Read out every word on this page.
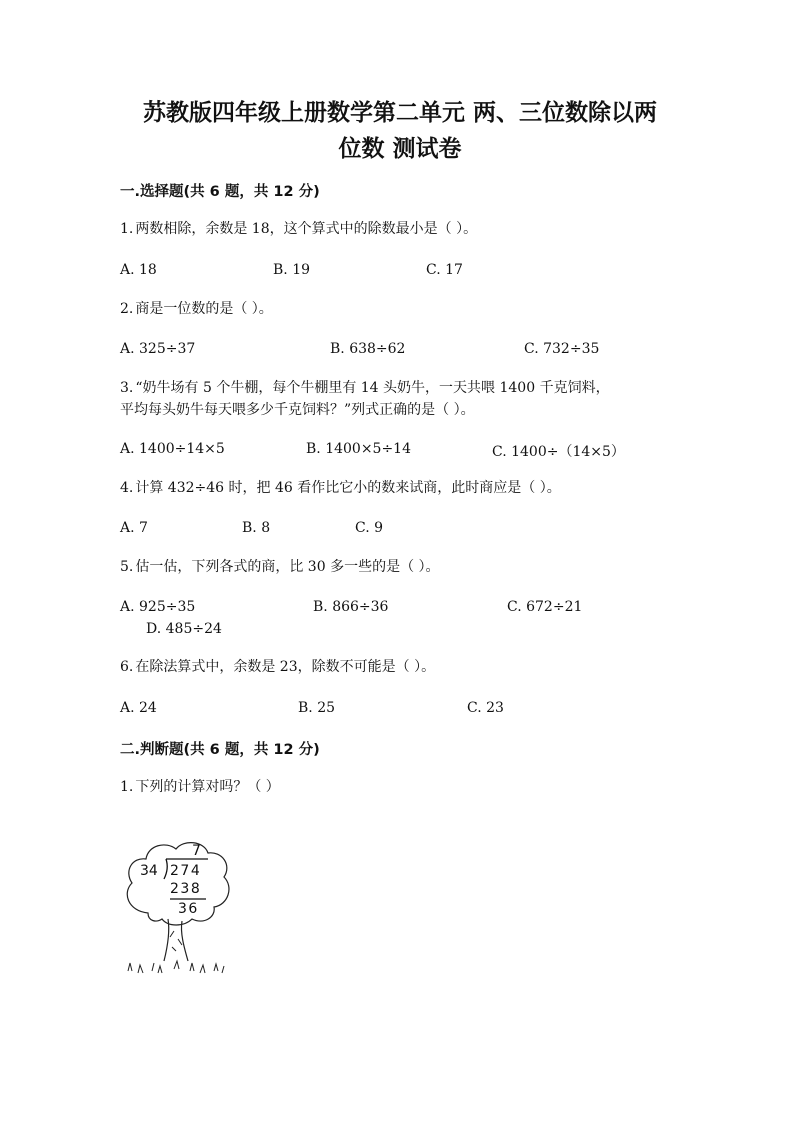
苏教版四年级上册数学第二单元 两、三位数除以两
位数 测试卷
一.选择题(共 6 题，共 12 分)
1. 两数相除，余数是 18，这个算式中的除数最小是（ ）。
A. 18	B. 19	C. 17
2. 商是一位数的是（ ）。
A. 325÷37	B. 638÷62	C. 732÷35
3. “奶牛场有 5 个牛棚，每个牛棚里有 14 头奶牛，一天共喂 1400 千克饲料，
平均每头奶牛每天喂多少千克饲料？”列式正确的是（ ）。
A. 1400÷14×5	B. 1400×5÷14	C. 1400÷（14×5）
4. 计算 432÷46 时，把 46 看作比它小的数来试商，此时商应是（ ）。
A. 7	B. 8	C. 9
5. 估一估，下列各式的商，比 30 多一些的是（ ）。
A. 925÷35	B. 866÷36	C. 672÷21
D. 485÷24
6. 在除法算式中，余数是 23，除数不可能是（ ）。
A. 24	B. 25	C. 23
二.判断题(共 6 题，共 12 分)
1. 下列的计算对吗？（ ）
7
34 274
238
36
